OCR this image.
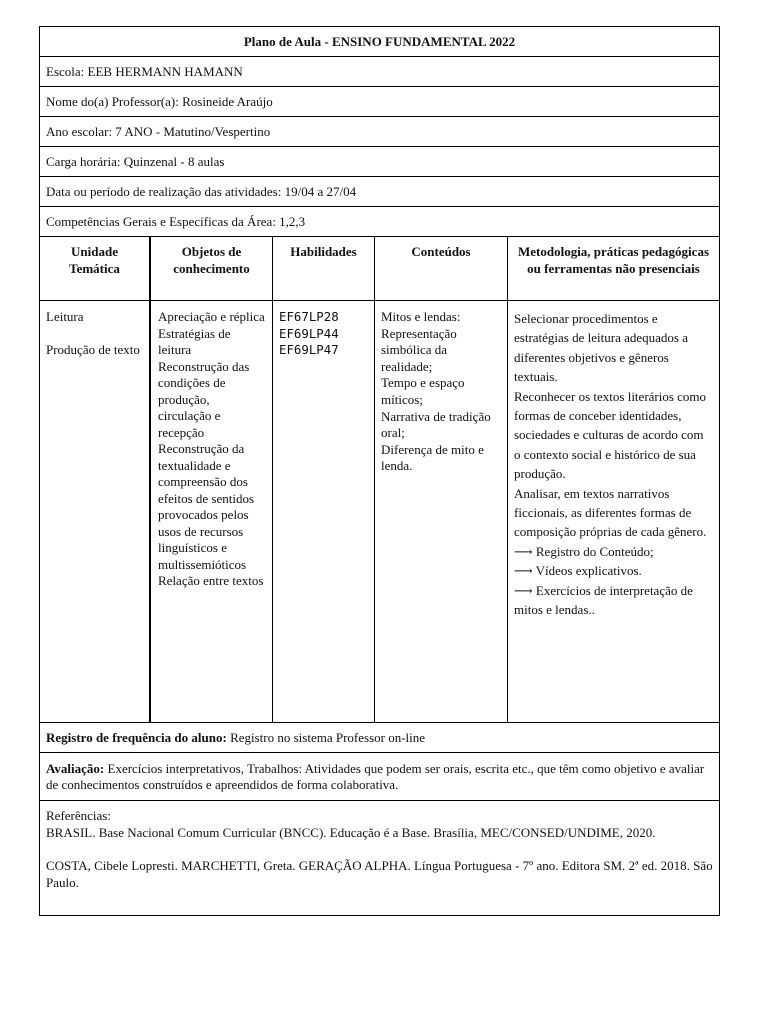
Plano de Aula - ENSINO FUNDAMENTAL 2022
Escola: EEB HERMANN HAMANN
Nome do(a) Professor(a): Rosineide Araújo
Ano escolar: 7 ANO - Matutino/Vespertino
Carga horária: Quinzenal - 8 aulas
Data ou período de realização das atividades: 19/04 a 27/04
Competências Gerais e Específicas da Área: 1,2,3
Unidade Temática
Objetos de conhecimento
Habilidades	Conteúdos	Metodologia, práticas pedagógicas ou ferramentas não presenciais

Leitura

Produção de texto

Apreciação e réplica
Estratégias de leitura
Reconstrução das condições de produção, circulação e recepção
Reconstrução da textualidade e compreensão dos efeitos de sentidos provocados pelos usos de recursos linguísticos e multissemióticos
Relação entre textos
EF67LP28
EF69LP44
EF69LP47
Mitos e lendas:
Representação simbólica da realidade;
Tempo e espaço míticos;
Narrativa de tradição oral;
Diferença de mito e lenda.

Selecionar procedimentos e estratégias de leitura adequados a diferentes objetivos e gêneros textuais.

Reconhecer os textos literários como formas de conceber identidades, sociedades e culturas de acordo com o contexto social e histórico de sua produção.

Analisar, em textos narrativos ficcionais, as diferentes formas de composição próprias de cada gênero.

⟶ Registro do Conteúdo;

⟶ Vídeos explicativos.

⟶ Exercícios de interpretação de mitos e lendas..

Registro de frequência do aluno: Registro no sistema Professor on-line
Avaliação: Exercícios interpretativos, Trabalhos: Atividades que podem ser orais, escrita etc., que têm como objetivo e avaliar de conhecimentos construídos e apreendidos de forma colaborativa.

Referências:

BRASIL. Base Nacional Comum Curricular (BNCC). Educação é a Base. Brasília, MEC/CONSED/UNDIME, 2020.

COSTA, Cibele Lopresti. MARCHETTI, Greta. GERAÇÃO ALPHA. Língua Portuguesa - 7º ano. Editora SM. 2ª ed. 2018. São Paulo.
